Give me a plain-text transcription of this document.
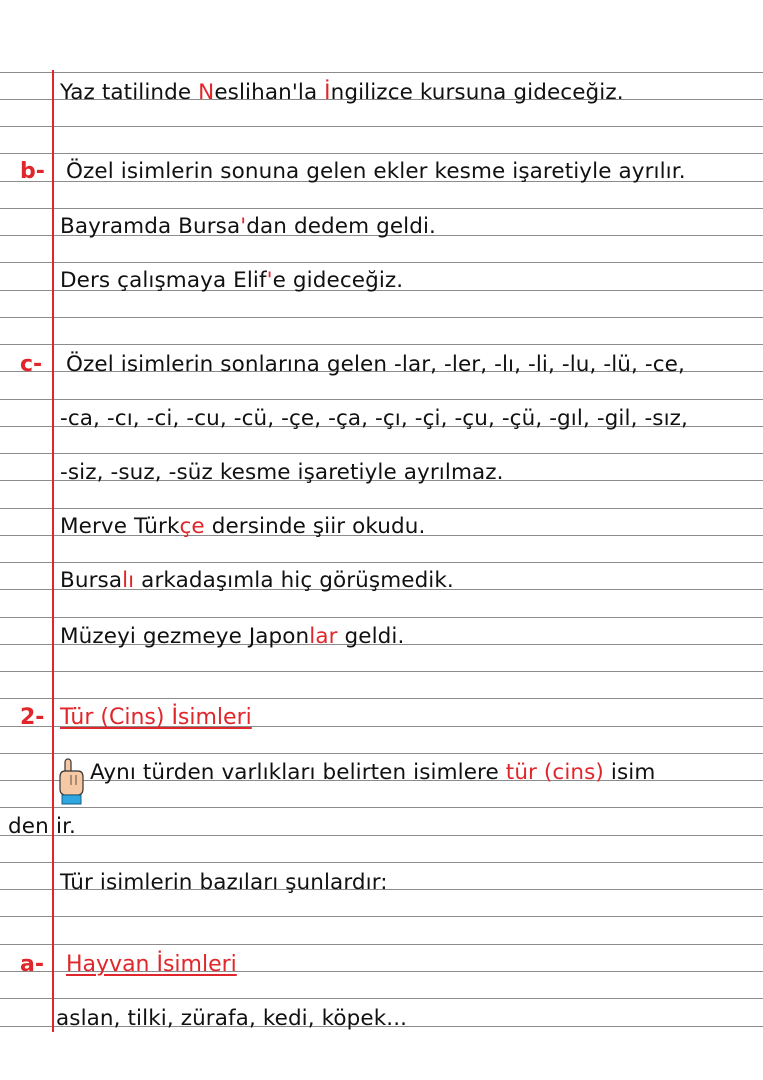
Yaz tatilinde Neslihan'la İngilizce kursuna gideceğiz.
b- Özel isimlerin sonuna gelen ekler kesme işaretiyle ayrılır.
Bayramda Bursa'dan dedem geldi.
Ders çalışmaya Elif'e gideceğiz.
c- Özel isimlerin sonlarına gelen -lar, -ler, -lı, -li, -lu, -lü, -ce,
-ca, -cı, -ci, -cu, -cü, -çe, -ça, -çı, -çi, -çu, -çü, -gıl, -gil, -sız,
-siz, -suz, -süz kesme işaretiyle ayrılmaz.
Merve Türkçe dersinde şiir okudu.
Bursalı arkadaşımla hiç görüşmedik.
Müzeyi gezmeye Japonlar geldi.
2- Tür (Cins) İsimleri
Aynı türden varlıkları belirten isimlere tür (cins) isim
den ir.
Tür isimlerin bazıları şunlardır:
a- Hayvan İsimleri
aslan, tilki, zürafa, kedi, köpek...
